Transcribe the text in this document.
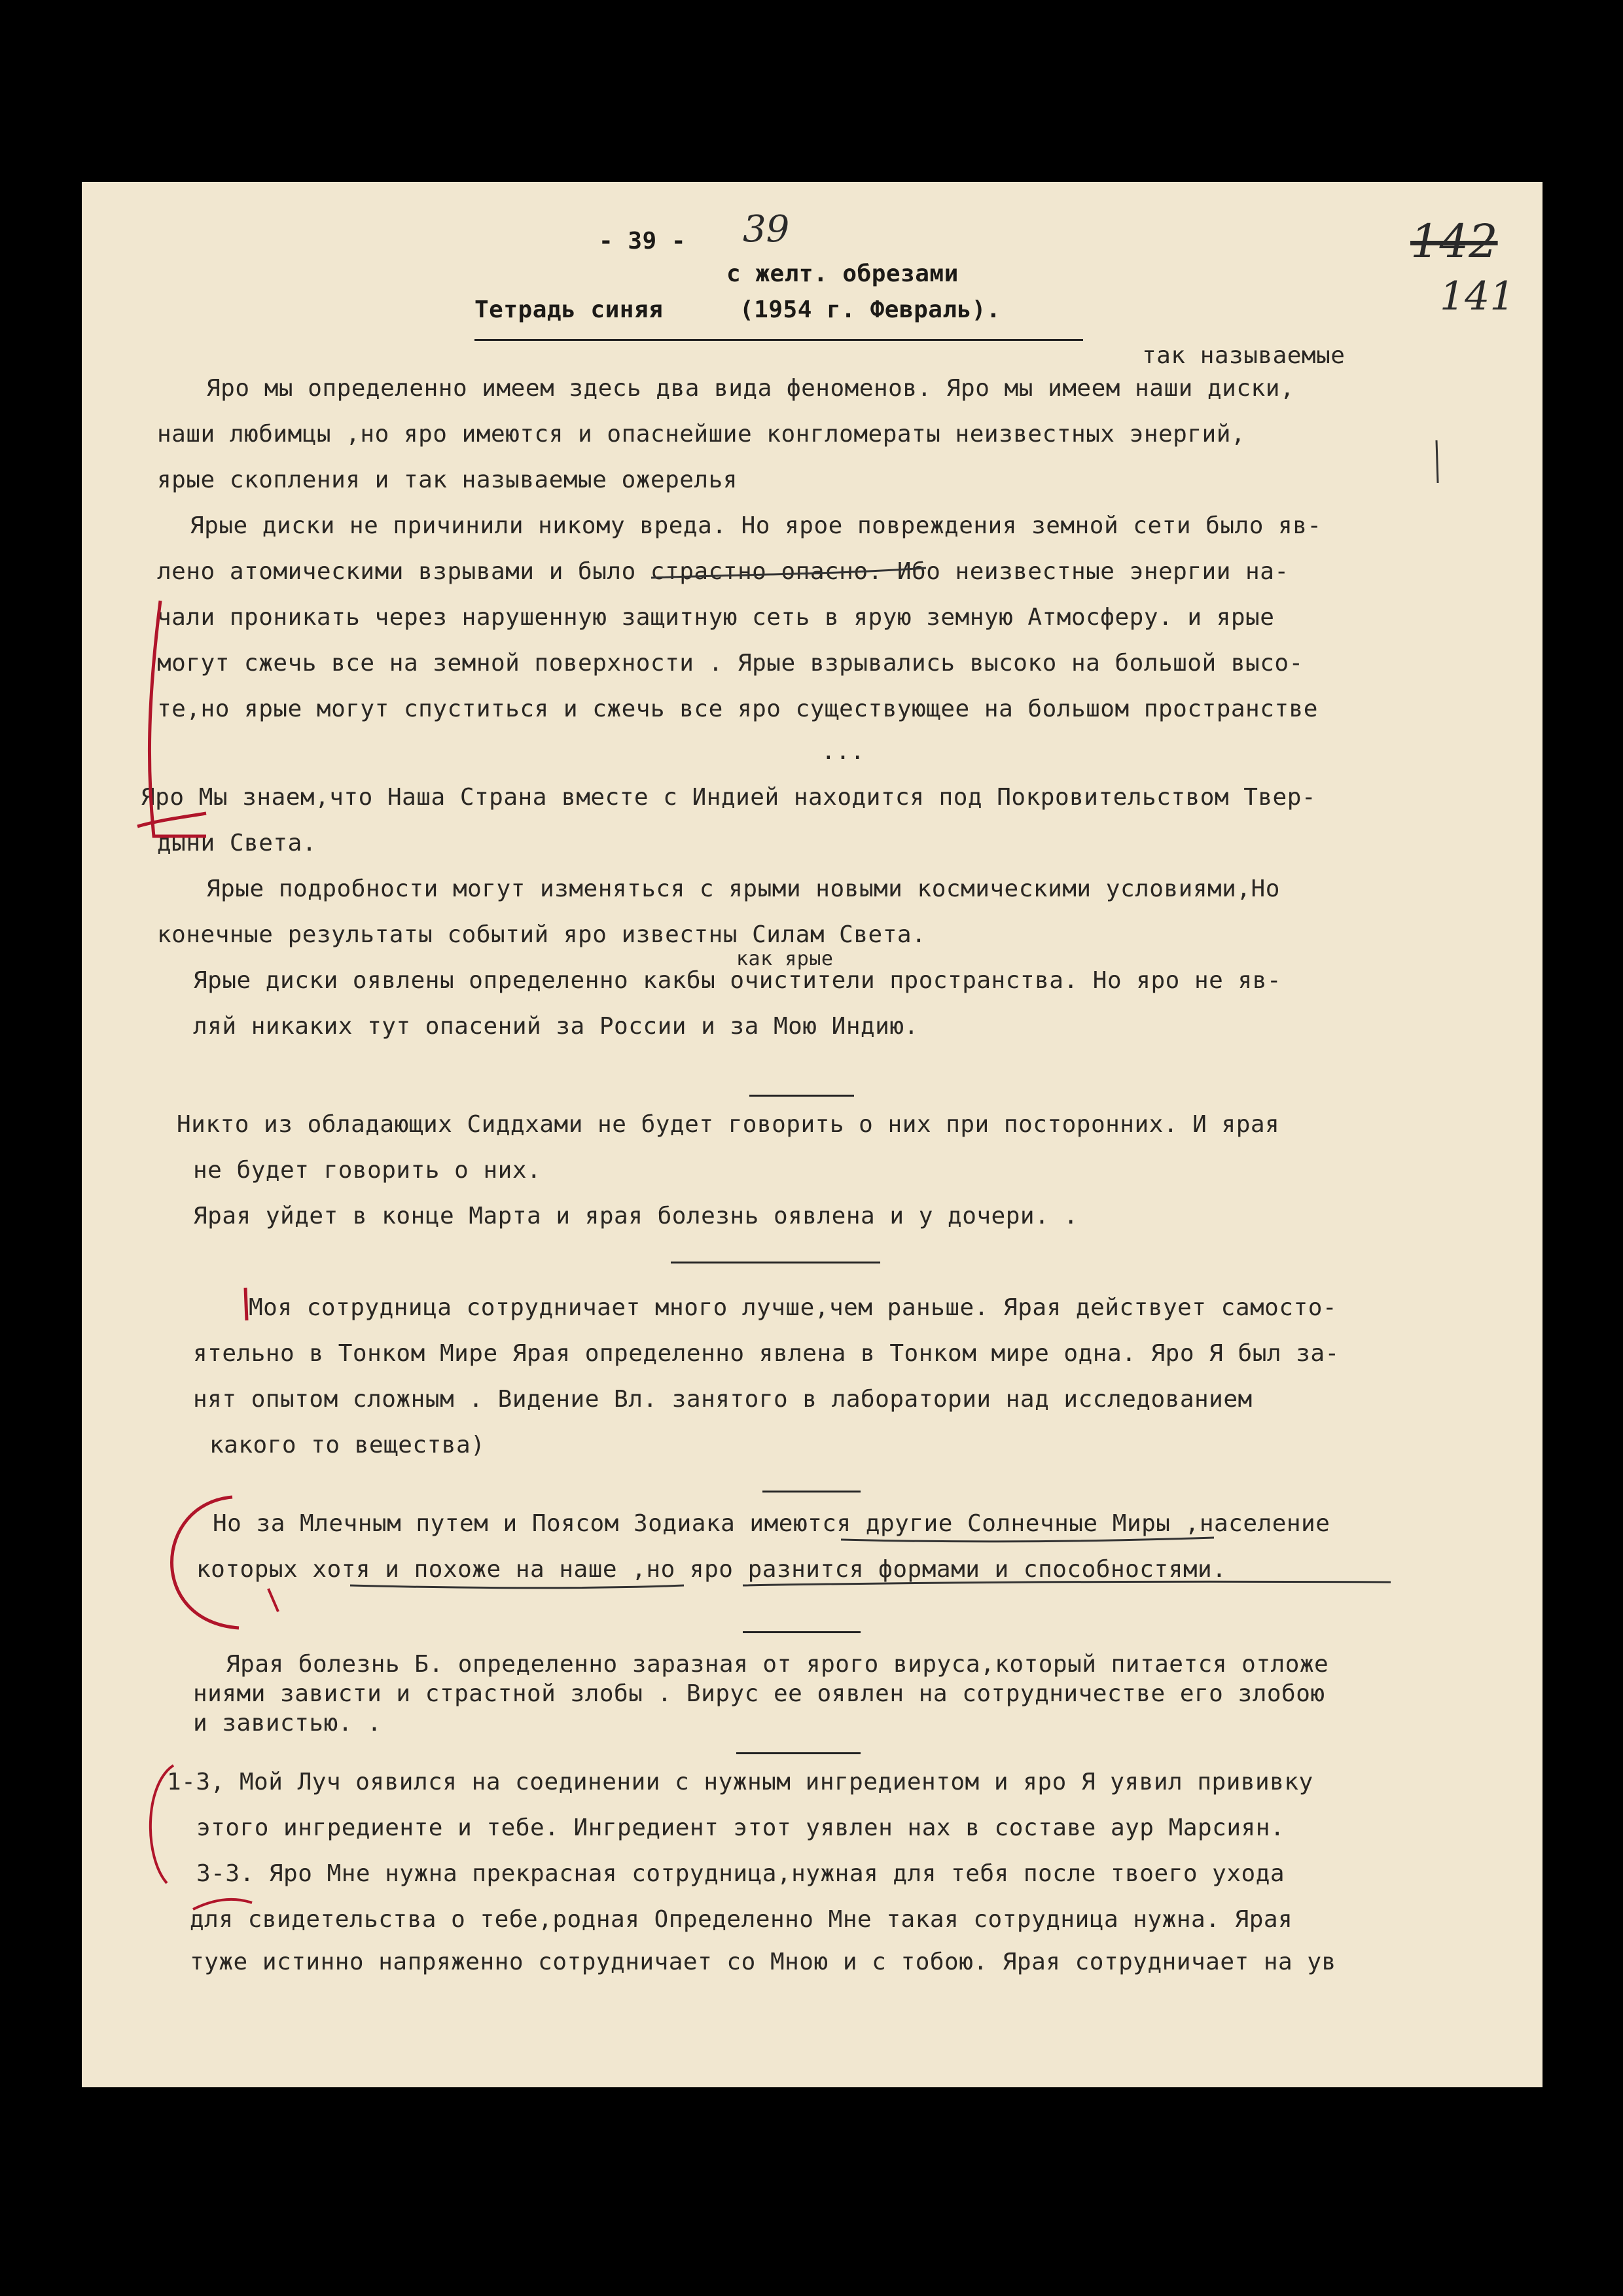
- 39 - 39
с желт. обрезами
Тетрадь синяя	(1954 г. Февраль).
142
141
так называемые
Яро мы определенно имеем здесь два вида феноменов. Яро мы имеем наши диски,
наши любимцы ,но яро имеются и опаснейшие конгломераты неизвестных энергий,
ярые скопления и так называемые ожерелья
Ярые диски не причинили никому вреда. Но ярое повреждения земной сети было яв-
лено атомическими взрывами и было страстно опасно. Ибо неизвестные энергии на-
чали проникать через нарушенную защитную сеть в ярую земную Атмосферу. и ярые
могут сжечь все на земной поверхности . Ярые взрывались высоко на большой высо-
те,но ярые могут спуститься и сжечь все яро существующее на большом пространстве
...
Яро Мы знаем,что Наша Страна вместе с Индией находится под Покровительством Твер-
дыни Света.
Ярые подробности могут изменяться с ярыми новыми космическими условиями,Но
конечные результаты событий яро известны Силам Света.
как ярые
Ярые диски оявлены определенно какбы очистители пространства. Но яро не яв-
ляй никаких тут опасений за России и за Мою Индию.
Никто из обладающих Сиддхами не будет говорить о них при посторонних. И ярая
не будет говорить о них.
Ярая уйдет в конце Марта и ярая болезнь оявлена и у дочери. .
Моя сотрудница сотрудничает много лучше,чем раньше. Ярая действует самосто-
ятельно в Тонком Мире Ярая определенно явлена в Тонком мире одна. Яро Я был за-
нят опытом сложным . Видение Вл. занятого в лаборатории над исследованием
какого то вещества)
Но за Млечным путем и Поясом Зодиака имеются другие Солнечные Миры ,население
которых хотя и похоже на наше ,но яро разнится формами и способностями.
Ярая болезнь Б. определенно заразная от ярого вируса,который питается отложе
ниями зависти и страстной злобы . Вирус ее оявлен на сотрудничестве его злобою
и завистью. .
1-3, Мой Луч оявился на соединении с нужным ингредиентом и яро Я уявил прививку
этого ингредиенте и тебе. Ингредиент этот уявлен нах в составе аур Марсиян.
3-3. Яро Мне нужна прекрасная сотрудница,нужная для тебя после твоего ухода
для свидетельства о тебе,родная Определенно Мне такая сотрудница нужна. Ярая
туже истинно напряженно сотрудничает со Мною и с тобою. Ярая сотрудничает на ув
